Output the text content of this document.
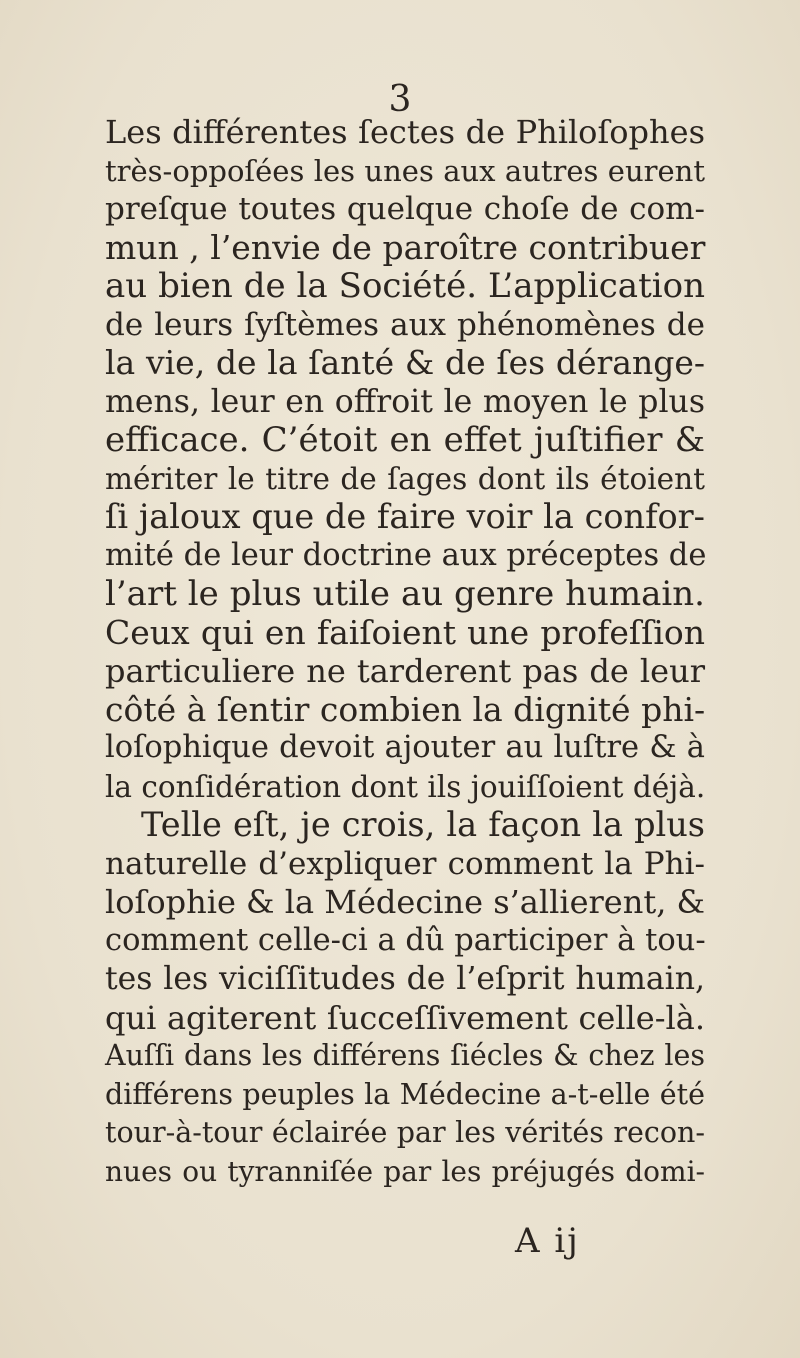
3
Les différentes ſectes de Philoſophes
très-oppoſées les unes aux autres eurent
preſque toutes quelque choſe de com-
mun , l’envie de paroître contribuer
au bien de la Société. L’application
de leurs ſyſtèmes aux phénomènes de
la vie, de la ſanté & de ſes dérange-
mens, leur en offroit le moyen le plus
efficace. C’étoit en effet juſtifier &
mériter le titre de ſages dont ils étoient
ſi jaloux que de faire voir la confor-
mité de leur doctrine aux préceptes de
l’art le plus utile au genre humain.
Ceux qui en faiſoient une profeſſion
particuliere ne tarderent pas de leur
côté à ſentir combien la dignité phi-
loſophique devoit ajouter au luſtre & à
la conſidération dont ils jouiſſoient déjà.
Telle eſt, je crois, la façon la plus
naturelle d’expliquer comment la Phi-
loſophie & la Médecine s’allierent, &
comment celle-ci a dû participer à tou-
tes les viciſſitudes de l’eſprit humain,
qui agiterent ſucceſſivement celle-là.
Auſſi dans les différens ſiécles & chez les
différens peuples la Médecine a-t-elle été
tour-à-tour éclairée par les vérités recon-
nues ou tyranniſée par les préjugés domi-
A ij
